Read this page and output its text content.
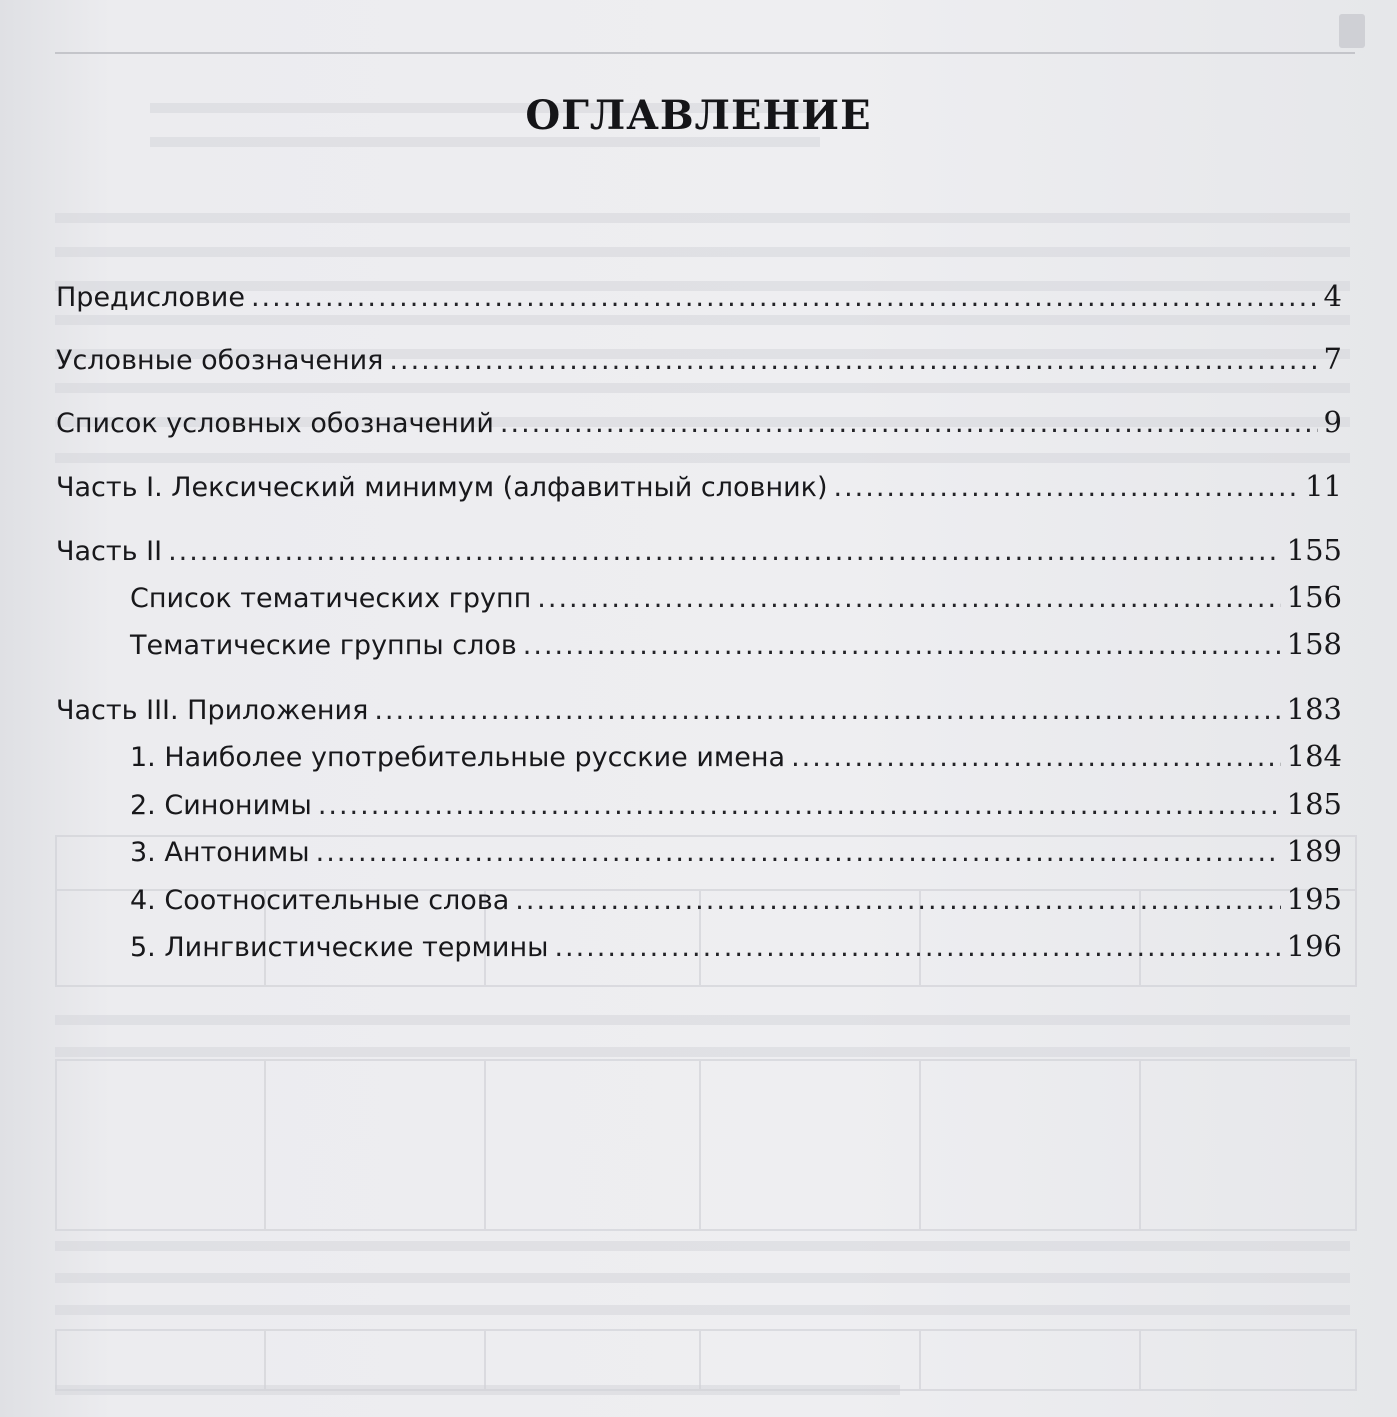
ОГЛАВЛЕНИЕ
Предисловие .....	4
Условные обозначения .....	7
Список условных обозначений .....	9
Часть I. Лексический минимум (алфавитный словник) .....	11
Часть II .....	155
Список тематических групп .....	156
Тематические группы слов .....	158
Часть III. Приложения .....	183
1. Наиболее употребительные русские имена .....	184
2. Синонимы .....	185
3. Антонимы .....	189
4. Соотносительные слова .....	195
5. Лингвистические термины .....	196
